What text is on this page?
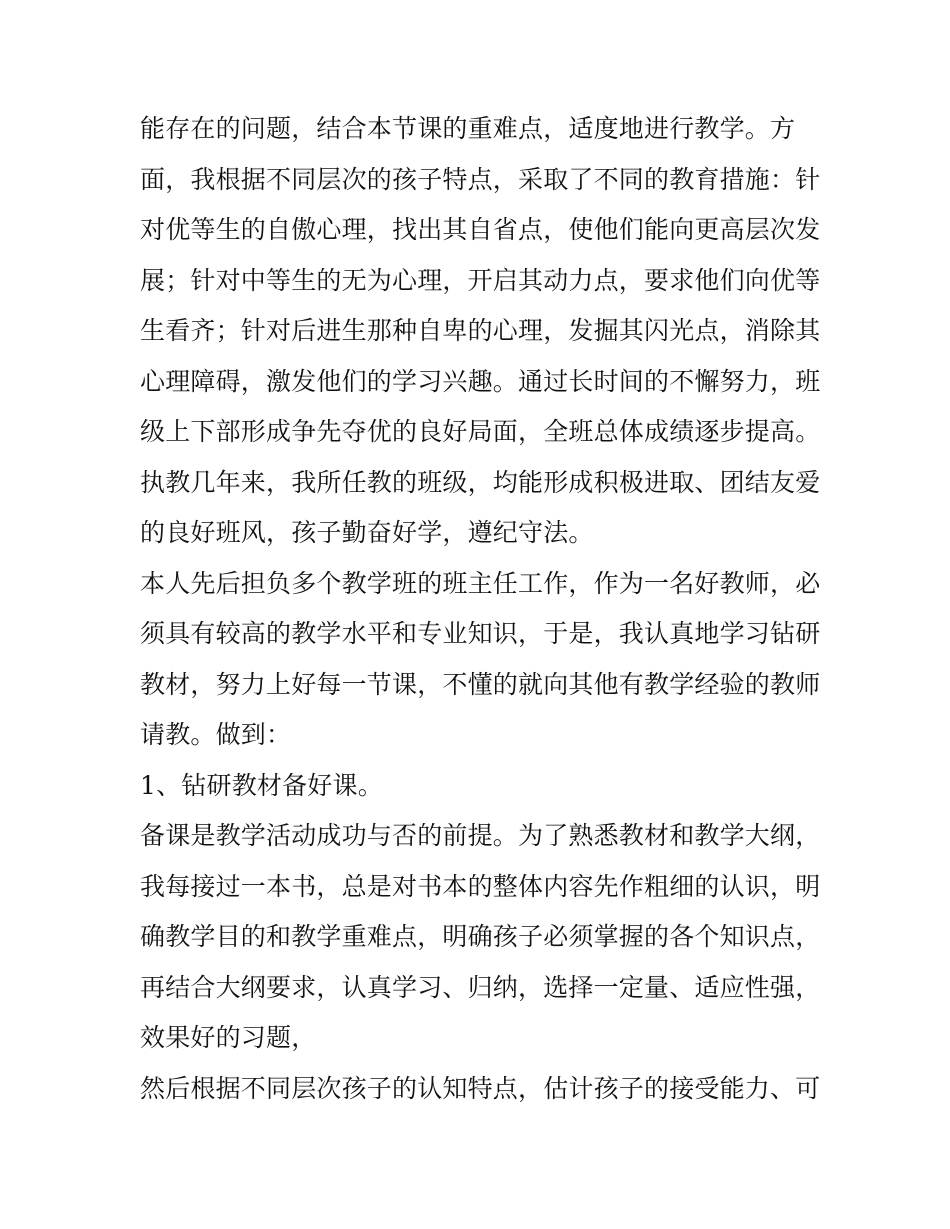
能存在的问题，结合本节课的重难点，适度地进行教学。方
面，我根据不同层次的孩子特点，采取了不同的教育措施：针
对优等生的自傲心理，找出其自省点，使他们能向更高层次发
展；针对中等生的无为心理，开启其动力点，要求他们向优等
生看齐；针对后进生那种自卑的心理，发掘其闪光点，消除其
心理障碍，激发他们的学习兴趣。通过长时间的不懈努力，班
级上下部形成争先夺优的良好局面，全班总体成绩逐步提高。
执教几年来，我所任教的班级，均能形成积极进取、团结友爱
的良好班风，孩子勤奋好学，遵纪守法。
本人先后担负多个教学班的班主任工作，作为一名好教师，必
须具有较高的教学水平和专业知识，于是，我认真地学习钻研
教材，努力上好每一节课，不懂的就向其他有教学经验的教师
请教。做到：
1、钻研教材备好课。
备课是教学活动成功与否的前提。为了熟悉教材和教学大纲，
我每接过一本书，总是对书本的整体内容先作粗细的认识，明
确教学目的和教学重难点，明确孩子必须掌握的各个知识点，
再结合大纲要求，认真学习、归纳，选择一定量、适应性强，
效果好的习题，
然后根据不同层次孩子的认知特点，估计孩子的接受能力、可
